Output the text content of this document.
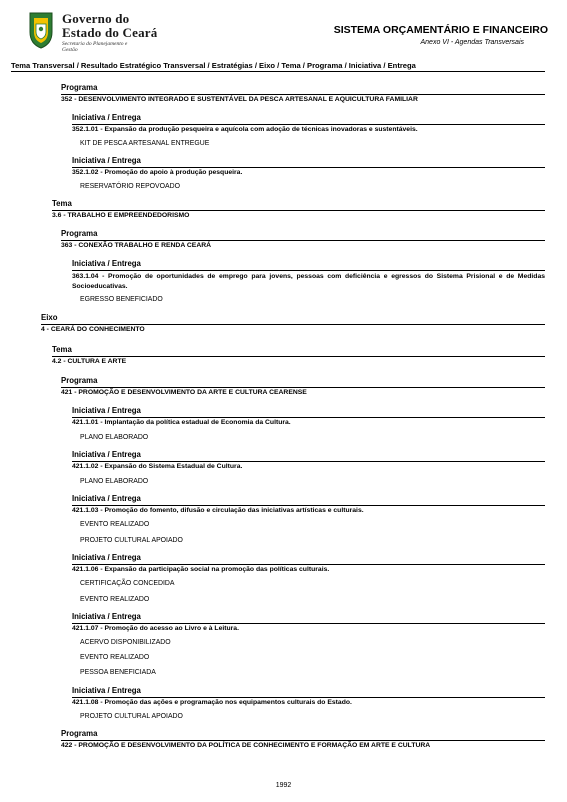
Governo do
Estado do Ceará
Secretaria do Planejamento e Gestão
SISTEMA ORÇAMENTÁRIO E FINANCEIRO
Anexo VI - Agendas Transversais
Tema Transversal / Resultado Estratégico Transversal / Estratégias / Eixo / Tema / Programa / Iniciativa / Entrega
Programa
352 - DESENVOLVIMENTO INTEGRADO E SUSTENTÁVEL DA PESCA ARTESANAL E AQUICULTURA FAMILIAR
Iniciativa / Entrega
352.1.01 - Expansão da produção pesqueira e aquícola com adoção de técnicas inovadoras e sustentáveis.
KIT DE PESCA ARTESANAL ENTREGUE
Iniciativa / Entrega
352.1.02 - Promoção do apoio à produção pesqueira.
RESERVATÓRIO REPOVOADO
Tema
3.6 - TRABALHO E EMPREENDEDORISMO
Programa
363 - CONEXÃO TRABALHO E RENDA CEARÁ
Iniciativa / Entrega
363.1.04 - Promoção de oportunidades de emprego para jovens, pessoas com deficiência e egressos do Sistema Prisional e de Medidas Socioeducativas.
EGRESSO BENEFICIADO
Eixo
4 - CEARÁ DO CONHECIMENTO
Tema
4.2 - CULTURA E ARTE
Programa
421 - PROMOÇÃO E DESENVOLVIMENTO DA ARTE E CULTURA CEARENSE
Iniciativa / Entrega
421.1.01 - Implantação da política estadual de Economia da Cultura.
PLANO ELABORADO
Iniciativa / Entrega
421.1.02 - Expansão do Sistema Estadual de Cultura.
PLANO ELABORADO
Iniciativa / Entrega
421.1.03 - Promoção do fomento, difusão e circulação das iniciativas artísticas e culturais.
EVENTO REALIZADO
PROJETO CULTURAL APOIADO
Iniciativa / Entrega
421.1.06 - Expansão da participação social na promoção das políticas culturais.
CERTIFICAÇÃO CONCEDIDA
EVENTO REALIZADO
Iniciativa / Entrega
421.1.07 - Promoção do acesso ao Livro e à Leitura.
ACERVO DISPONIBILIZADO
EVENTO REALIZADO
PESSOA BENEFICIADA
Iniciativa / Entrega
421.1.08 - Promoção das ações e programação nos equipamentos culturais do Estado.
PROJETO CULTURAL APOIADO
Programa
422 - PROMOÇÃO E DESENVOLVIMENTO DA POLÍTICA DE CONHECIMENTO E FORMAÇÃO EM ARTE E CULTURA
1992
